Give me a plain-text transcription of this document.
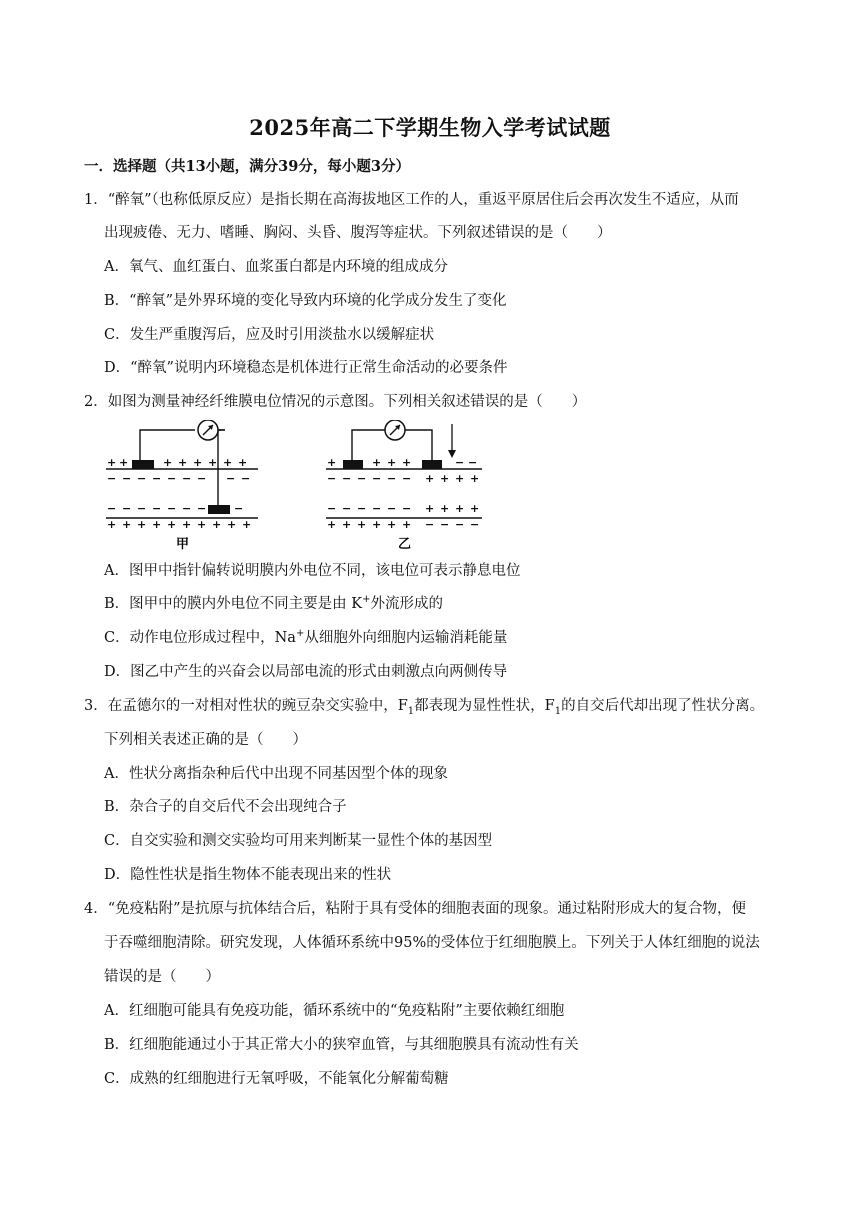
2025年高二下学期生物入学考试试题
一．选择题（共13小题，满分39分，每小题3分）
1．“醉氧”（也称低原反应）是指长期在高海拔地区工作的人，重返平原居住后会再次发生不适应，从而
出现疲倦、无力、嗜睡、胸闷、头昏、腹泻等症状。下列叙述错误的是（　　）
A．氧气、血红蛋白、血浆蛋白都是内环境的组成成分
B．“醉氧”是外界环境的变化导致内环境的化学成分发生了变化
C．发生严重腹泻后，应及时引用淡盐水以缓解症状
D．“醉氧”说明内环境稳态是机体进行正常生命活动的必要条件
2．如图为测量神经纤维膜电位情况的示意图。下列相关叙述错误的是（　　）
+ +	+ + + + + +
− − − − − − − − −
− − − − − − −	−
+ + + + + + + + + +
甲
+	+ + +	− −
− − − − − − + + + +
− − − − − − + + + +
+ + + + + + − − − −
乙
A．图甲中指针偏转说明膜内外电位不同，该电位可表示静息电位
B．图甲中的膜内外电位不同主要是由 K+外流形成的
C．动作电位形成过程中，Na+从细胞外向细胞内运输消耗能量
D．图乙中产生的兴奋会以局部电流的形式由刺激点向两侧传导
3．在孟德尔的一对相对性状的豌豆杂交实验中，$F_1$都表现为显性性状，$F_1$的自交后代却出现了性状分离。
下列相关表述正确的是（　　）
A．性状分离指杂种后代中出现不同基因型个体的现象
B．杂合子的自交后代不会出现纯合子
C．自交实验和测交实验均可用来判断某一显性个体的基因型
D．隐性性状是指生物体不能表现出来的性状
4．“免疫粘附”是抗原与抗体结合后，粘附于具有受体的细胞表面的现象。通过粘附形成大的复合物，便
于吞噬细胞清除。研究发现，人体循环系统中95%的受体位于红细胞膜上。下列关于人体红细胞的说法
错误的是（　　）
A．红细胞可能具有免疫功能，循环系统中的“免疫粘附”主要依赖红细胞
B．红细胞能通过小于其正常大小的狭窄血管，与其细胞膜具有流动性有关
C．成熟的红细胞进行无氧呼吸，不能氧化分解葡萄糖
